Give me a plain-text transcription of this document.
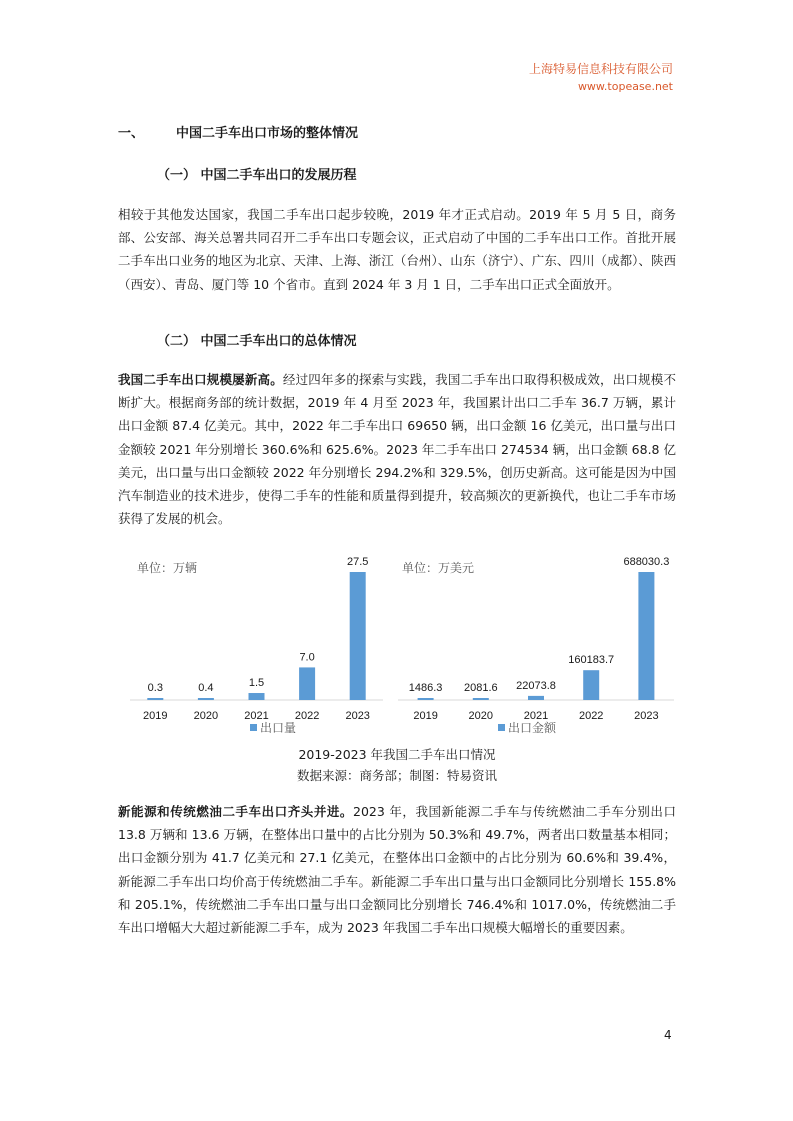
上海特易信息科技有限公司
www.topease.net
一、 中国二手车出口市场的整体情况
（一） 中国二手车出口的发展历程
相较于其他发达国家，我国二手车出口起步较晚，2019 年才正式启动。2019 年 5 月 5 日，商务部、公安部、海关总署共同召开二手车出口专题会议，正式启动了中国的二手车出口工作。首批开展二手车出口业务的地区为北京、天津、上海、浙江（台州）、山东（济宁）、广东、四川（成都）、陕西（西安）、青岛、厦门等 10 个省市。直到 2024 年 3 月 1 日，二手车出口正式全面放开。
（二） 中国二手车出口的总体情况
我国二手车出口规模屡新高。经过四年多的探索与实践，我国二手车出口取得积极成效，出口规模不断扩大。根据商务部的统计数据，2019 年 4 月至 2023 年，我国累计出口二手车 36.7 万辆，累计出口金额 87.4 亿美元。其中，2022 年二手车出口 69650 辆，出口金额 16 亿美元，出口量与出口金额较 2021 年分别增长 360.6%和 625.6%。2023 年二手车出口 274534 辆，出口金额 68.8 亿美元，出口量与出口金额较 2022 年分别增长 294.2%和 329.5%，创历史新高。这可能是因为中国汽车制造业的技术进步，使得二手车的性能和质量得到提升，较高频次的更新换代，也让二手车市场获得了发展的机会。
单位：万辆
0.3
2019
0.4
2020
1.5
2021
7.0
2022
27.5
2023
出口量
单位：万美元
1486.3
2019
2081.6
2020
22073.8
2021
160183.7
2022
688030.3
2023
出口金额
2019-2023 年我国二手车出口情况
数据来源：商务部；制图：特易资讯
新能源和传统燃油二手车出口齐头并进。2023 年，我国新能源二手车与传统燃油二手车分别出口 13.8 万辆和 13.6 万辆，在整体出口量中的占比分别为 50.3%和 49.7%，两者出口数量基本相同；出口金额分别为 41.7 亿美元和 27.1 亿美元，在整体出口金额中的占比分别为 60.6%和 39.4%，新能源二手车出口均价高于传统燃油二手车。新能源二手车出口量与出口金额同比分别增长 155.8%和 205.1%，传统燃油二手车出口量与出口金额同比分别增长 746.4%和 1017.0%，传统燃油二手车出口增幅大大超过新能源二手车，成为 2023 年我国二手车出口规模大幅增长的重要因素。
4
